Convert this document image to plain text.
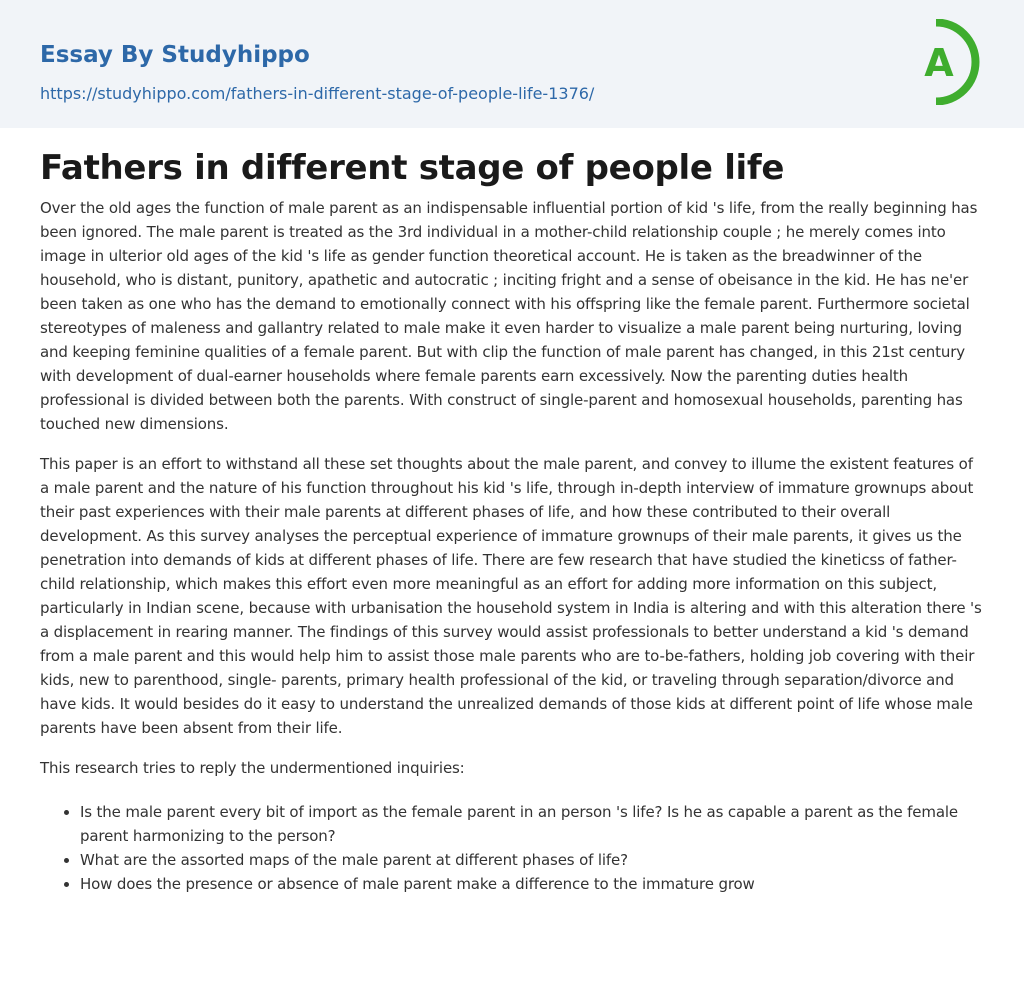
Essay By Studyhippo
https://studyhippo.com/fathers-in-different-stage-of-people-life-1376/
A
Fathers in different stage of people life

Over the old ages the function of male parent as an indispensable influential portion of kid 's life, from the really beginning has been ignored. The male parent is treated as the 3rd individual in a mother-child relationship couple ; he merely comes into image in ulterior old ages of the kid 's life as gender function theoretical account. He is taken as the breadwinner of the household, who is distant, punitory, apathetic and autocratic ; inciting fright and a sense of obeisance in the kid. He has ne'er been taken as one who has the demand to emotionally connect with his offspring like the female parent. Furthermore societal stereotypes of maleness and gallantry related to male make it even harder to visualize a male parent being nurturing, loving and keeping feminine qualities of a female parent. But with clip the function of male parent has changed, in this 21st century with development of dual-earner households where female parents earn excessively. Now the parenting duties health professional is divided between both the parents. With construct of single-parent and homosexual households, parenting has touched new dimensions.

This paper is an effort to withstand all these set thoughts about the male parent, and convey to illume the existent features of a male parent and the nature of his function throughout his kid 's life, through in-depth interview of immature grownups about their past experiences with their male parents at different phases of life, and how these contributed to their overall development. As this survey analyses the perceptual experience of immature grownups of their male parents, it gives us the penetration into demands of kids at different phases of life. There are few research that have studied the kineticss of father-child relationship, which makes this effort even more meaningful as an effort for adding more information on this subject, particularly in Indian scene, because with urbanisation the household system in India is altering and with this alteration there 's a displacement in rearing manner. The findings of this survey would assist professionals to better understand a kid 's demand from a male parent and this would help him to assist those male parents who are to-be-fathers, holding job covering with their kids, new to parenthood, single- parents, primary health professional of the kid, or traveling through separation/divorce and have kids. It would besides do it easy to understand the unrealized demands of those kids at different point of life whose male parents have been absent from their life.

This research tries to reply the undermentioned inquiries:

• Is the male parent every bit of import as the female parent in an person 's life? Is he as capable a parent as the female parent harmonizing to the person?
• What are the assorted maps of the male parent at different phases of life?
• How does the presence or absence of male parent make a difference to the immature grow
